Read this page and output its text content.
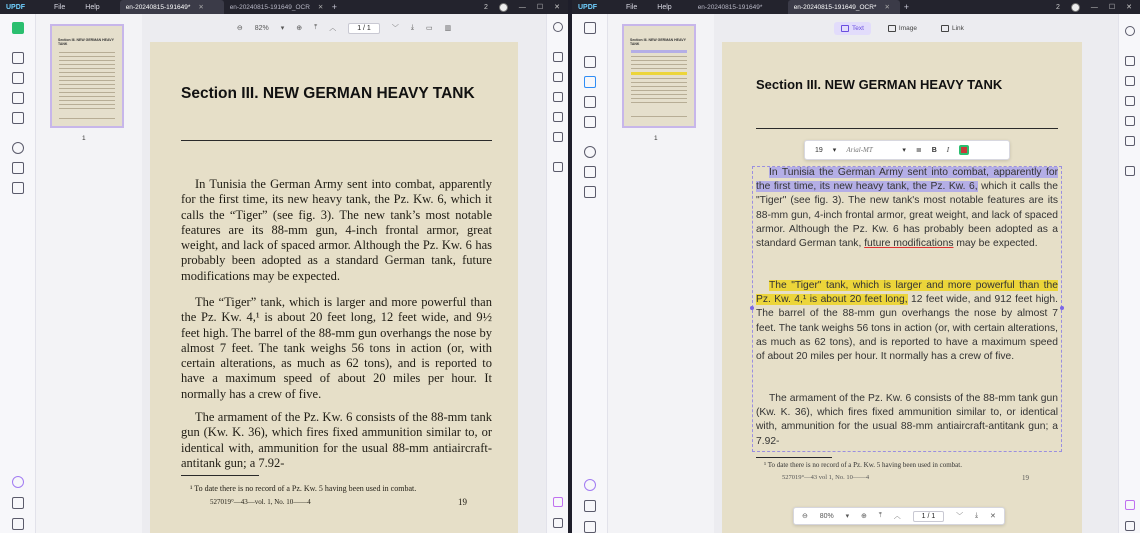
UPDF	File	Help	en-20240815-191649* ✕	en-20240815-191649_OCR ✕ +	2	— ☐ ✕
Section III. NEW GERMAN HEAVY TANK
1
⊖ 82% ▾ ⊕ ⤒ ︿	1 / 1	﹀ ⤓ ▭ ▥
Section III. NEW GERMAN HEAVY TANK
In Tunisia the German Army sent into combat, apparently for the first time, its new heavy tank, the Pz. Kw. 6, which it calls the “Tiger” (see fig. 3). The new tank’s most notable features are its 88-mm gun, 4-inch frontal armor, great weight, and lack of spaced armor. Although the Pz. Kw. 6 has probably been adopted as a standard German tank, future modifications may be expected.
The “Tiger” tank, which is larger and more powerful than the Pz. Kw. 4,¹ is about 20 feet long, 12 feet wide, and 9½ feet high. The barrel of the 88-mm gun overhangs the nose by almost 7 feet. The tank weighs 56 tons in action (or, with certain alterations, as much as 62 tons), and is reported to have a maximum speed of about 20 miles per hour. It normally has a crew of five.
The armament of the Pz. Kw. 6 consists of the 88-mm tank gun (Kw. K. 36), which fires fixed ammunition similar to, or identical with, ammunition for the usual 88-mm antiaircraft-antitank gun; a 7.92-
¹ To date there is no record of a Pz. Kw. 5 having been used in combat.
527019°—43—vol. 1, No. 10——4	19
UPDF	File	Help	en-20240815-191649*	en-20240815-191649_OCR* ✕ +	2	— ☐ ✕
Section III. NEW GERMAN HEAVY TANK
1
Text	Image	Link
Section III. NEW GERMAN HEAVY TANK
19 ▾ Arial-MT	▾ ≣ B I
In Tunisia the German Army sent into combat, apparently for the first time, its new heavy tank, the Pz. Kw. 6, which it calls the "Tiger" (see fig. 3). The new tank's most notable features are its 88-mm gun, 4-inch frontal armor, great weight, and lack of spaced armor. Although the Pz. Kw. 6 has probably been adopted as a standard German tank, future modifications may be expected.
The "Tiger" tank, which is larger and more powerful than the Pz. Kw. 4,¹ is about 20 feet long, 12 feet wide, and 912 feet high. The barrel of the 88-mm gun overhangs the nose by almost 7 feet. The tank weighs 56 tons in action (or, with certain alterations, as much as 62 tons), and is reported to have a maximum speed of about 20 miles per hour. It normally has a crew of five.
The armament of the Pz. Kw. 6 consists of the 88-mm tank gun (Kw. K. 36), which fires fixed ammunition similar to, or identical with, ammunition for the usual 88-mm antiaircraft-antitank gun; a 7.92-
¹ To date there is no record of a Pz. Kw. 5 having been used in combat.
527019°—43 vol 1, No. 10——4	19
⊖ 80% ▾ ⊕ ⤒ ︿	1 / 1	﹀ ⤓ ✕
